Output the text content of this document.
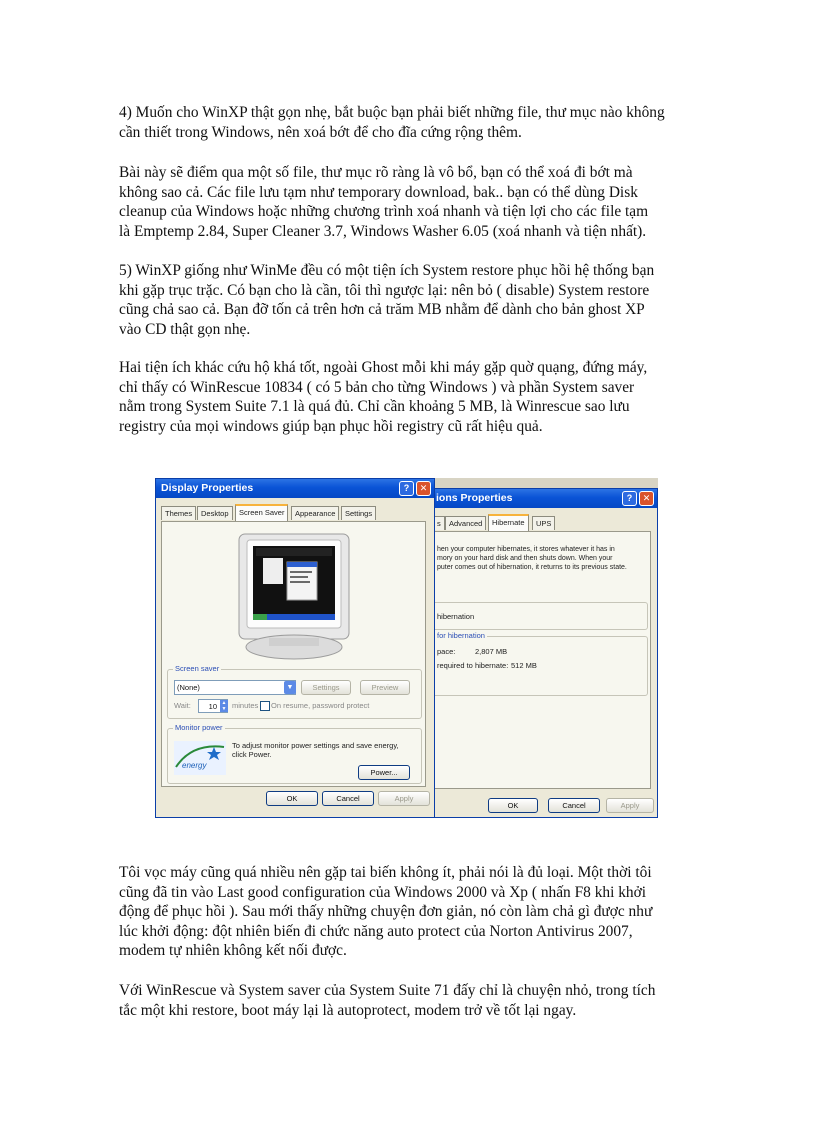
4) Muốn cho WinXP thật gọn nhẹ, bắt buộc bạn phải biết những file, thư mục nào không
cần thiết trong Windows, nên xoá bớt để cho đĩa cứng rộng thêm.
Bài này sẽ điểm qua một số file, thư mục rõ ràng là vô bổ, bạn có thể xoá đi bớt mà
không sao cả. Các file lưu tạm như temporary download, bak.. bạn có thể dùng Disk
cleanup của Windows hoặc những chương trình xoá nhanh và tiện lợi cho các file tạm
là Emptemp 2.84, Super Cleaner 3.7, Windows Washer 6.05 (xoá nhanh và tiện nhất).
5) WinXP giống như WinMe đều có một tiện ích System restore phục hồi hệ thống bạn
khi gặp trục trặc. Có bạn cho là cần, tôi thì ngược lại: nên bỏ ( disable) System restore
cũng chả sao cả. Bạn đỡ tốn cả trên hơn cả trăm MB nhằm để dành cho bản ghost XP
vào CD thật gọn nhẹ.
Hai tiện ích khác cứu hộ khá tốt, ngoài Ghost mỗi khi máy gặp quờ quạng, đứng máy,
chỉ thấy có WinRescue 10834 ( có 5 bản cho từng Windows ) và phần System saver
nằm trong System Suite 7.1 là quá đủ. Chỉ cần khoảng 5 MB, là Winrescue sao lưu
registry của mọi windows giúp bạn phục hồi registry cũ rất hiệu quả.
ions Properties	?	✕
s	Advanced	Hibernate	UPS
hen your computer hibernates, it stores whatever it has in
mory on your hard disk and then shuts down. When your
puter comes out of hibernation, it returns to its previous state.
hibernation
for hibernation
pace:	2,807 MB
required to hibernate: 512 MB
OK	Cancel	Apply
Display Properties	?	✕
Themes	Desktop	Screen Saver	Appearance	Settings
Screen saver
(None)	▼	Settings	Preview
Wait:	10 ▲
▼ minutes On resume, password protect
Monitor power
energy
To adjust monitor power settings and save energy,
click Power.
Power...
OK	Cancel	Apply
Tôi vọc máy cũng quá nhiều nên gặp tai biến không ít, phải nói là đủ loại. Một thời tôi
cũng đã tin vào Last good configuration của Windows 2000 và Xp ( nhấn F8 khi khởi
động để phục hồi ). Sau mới thấy những chuyện đơn giản, nó còn làm chả gì được như
lúc khởi động: đột nhiên biến đi chức năng auto protect của Norton Antivirus 2007,
modem tự nhiên không kết nối được.
Với WinRescue và System saver của System Suite 71 đấy chỉ là chuyện nhỏ, trong tích
tắc một khi restore, boot máy lại là autoprotect, modem trở về tốt lại ngay.
